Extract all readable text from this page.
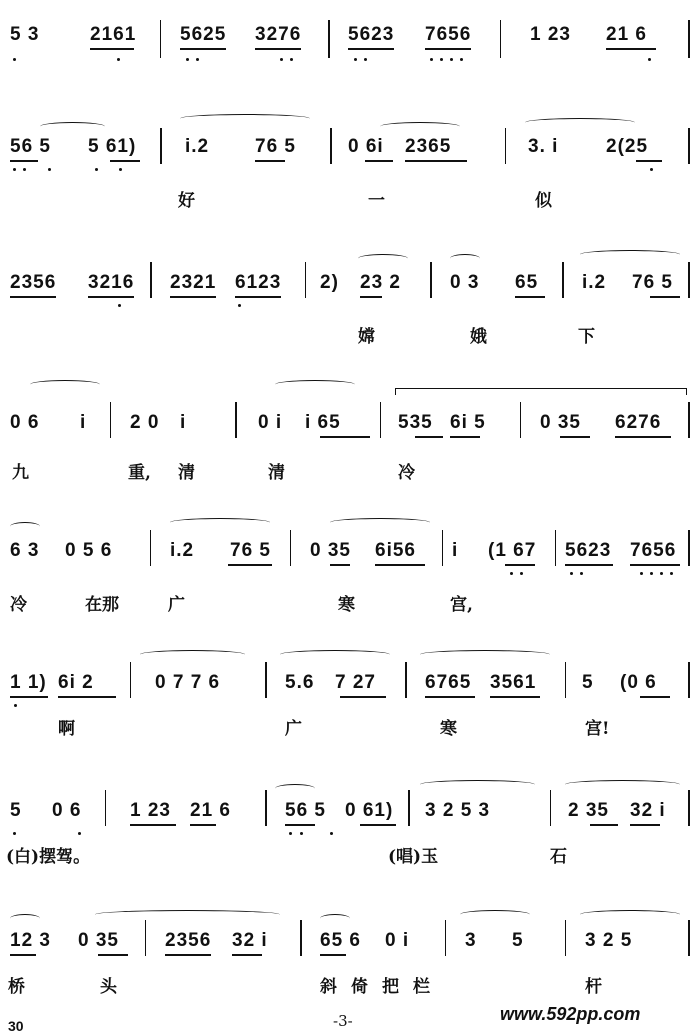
5 3	2161 5625 3276 5623 7656	1 23 21 6
56 5 5 61)	i.2 76 5	0 6i 2365	3. i	2(25
好	一	似
2356 3216 2321 6123 2) 23 2	0 3 65 i.2 76 5
嫦	娥	下
0 6 i 2 0 i	0 i i 65	535 6i 5	0 35 6276
九	重, 清	清	冷
6 3 0 5 6	i.2 76 5 0 35 6i56 i (1 67 5623 7656
冷	在那	广	寒	宫,
1 1) 6i 2	0 7 7 6	5.6 7 27	6765 3561 5 (0 6
啊	广	寒	宫!
5 0 6	1 23 21 6	56 5 0 61) 3 2 5 3	2 35 32 i
(白)摆驾。	(唱)玉	石
12 3 0 35 2356 32 i	65 6 0 i	3 5	3 2 5
桥	头	斜倚把栏	杆
30	-3-	www.592pp.com
